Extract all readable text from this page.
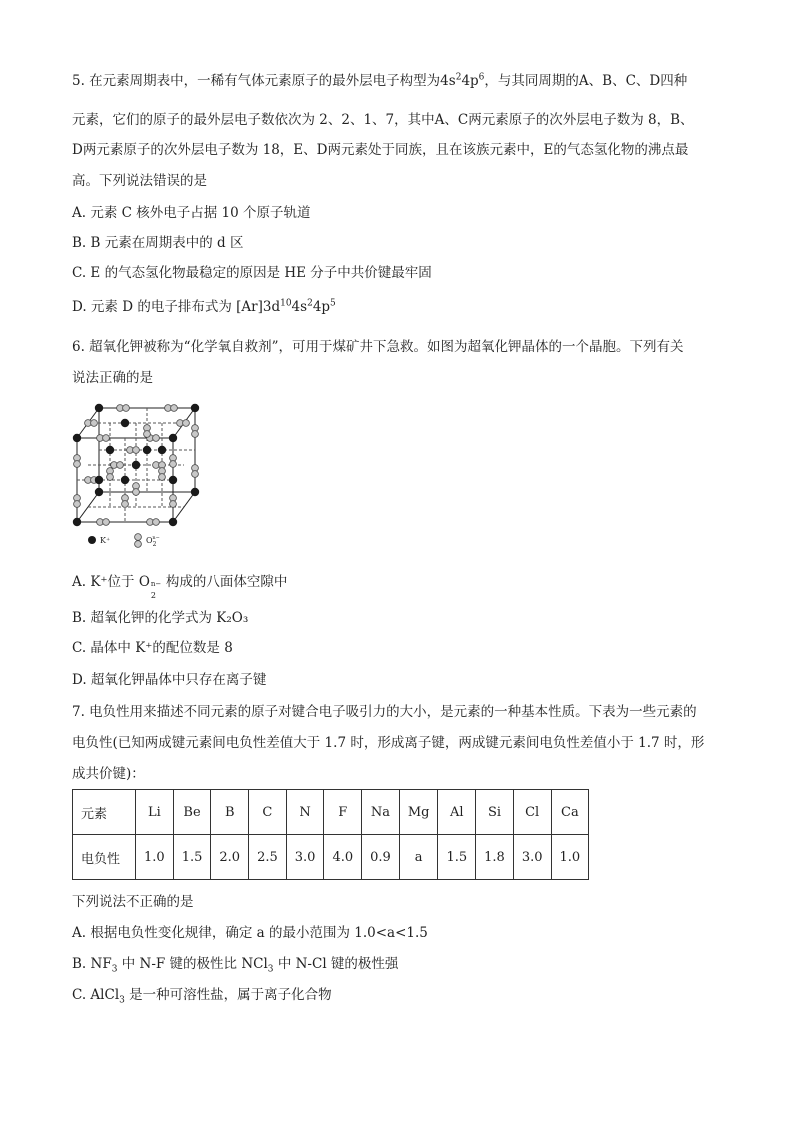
5. 在元素周期表中，一稀有气体元素原子的最外层电子构型为$4s^24p^6$，与其同周期的A、B、C、D四种
元素，它们的原子的最外层电子数依次为 2、2、1、7，其中A、C两元素原子的次外层电子数为 8，B、
D两元素原子的次外层电子数为 18，E、D两元素处于同族，且在该族元素中，E的气态氢化物的沸点最
高。下列说法错误的是
A. 元素 C 核外电子占据 10 个原子轨道
B. B 元素在周期表中的 d 区
C. E 的气态氢化物最稳定的原因是 HE 分子中共价键最牢固
D. 元素 D 的电子排布式为 $[Ar]3d^{10}4s^24p^5$
6. 超氧化钾被称为“化学氧自救剂”，可用于煤矿井下急救。如图为超氧化钾晶体的一个晶胞。下列有关
说法正确的是
K⁺	$O_2n-$
A. K⁺位于 O n−
2
构成的八面体空隙中
B. 超氧化钾的化学式为 K₂O₃
C. 晶体中 K⁺的配位数是 8
D. 超氧化钾晶体中只存在离子键
7. 电负性用来描述不同元素的原子对键合电子吸引力的大小，是元素的一种基本性质。下表为一些元素的
电负性(已知两成键元素间电负性差值大于 1.7 时，形成离子键，两成键元素间电负性差值小于 1.7 时，形
成共价键)：
元素	Li	Be	B	C	N	F	Na	Mg	Al	Si	Cl	Ca
电负性	1.0	1.5	2.0	2.5	3.0	4.0	0.9	a	1.5	1.8	3.0	1.0
下列说法不正确的是
A. 根据电负性变化规律，确定 a 的最小范围为 1.0<a<1.5
B. $NF_3$ 中 N-F 键的极性比 NCl$_3$ 中 N-Cl 键的极性强
C. AlCl$_3$ 是一种可溶性盐，属于离子化合物
